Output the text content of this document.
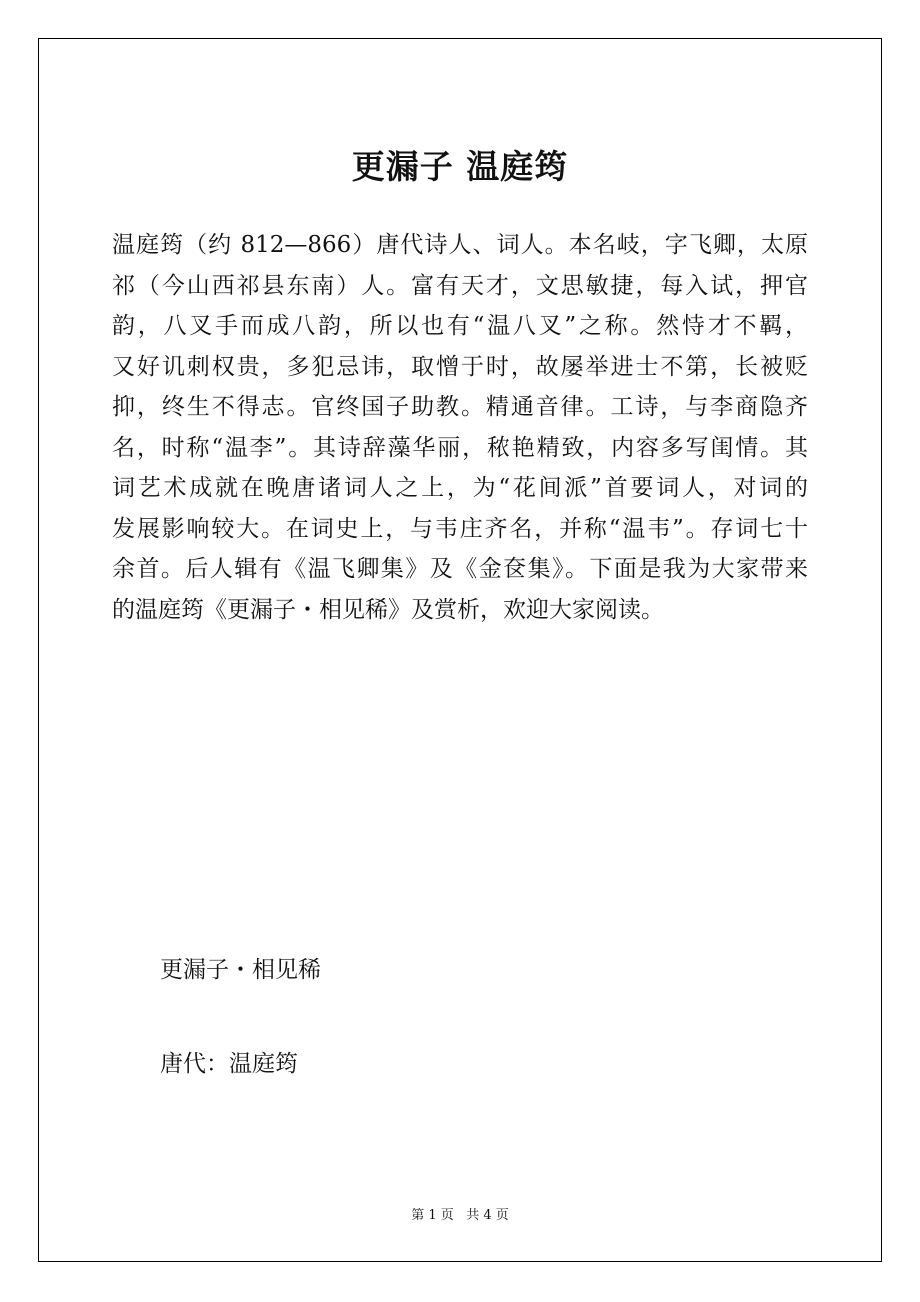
更漏子 温庭筠
温庭筠（约 812—866）唐代诗人、词人。本名岐，字飞卿，太原
祁（今山西祁县东南）人。富有天才，文思敏捷，每入试，押官
韵，八叉手而成八韵，所以也有“温八叉”之称。然恃才不羁，
又好讥刺权贵，多犯忌讳，取憎于时，故屡举进士不第，长被贬
抑，终生不得志。官终国子助教。精通音律。工诗，与李商隐齐
名，时称“温李”。其诗辞藻华丽，秾艳精致，内容多写闺情。其
词艺术成就在晚唐诸词人之上，为“花间派”首要词人，对词的
发展影响较大。在词史上，与韦庄齐名，并称“温韦”。存词七十
余首。后人辑有《温飞卿集》及《金奁集》。下面是我为大家带来
的温庭筠《更漏子・相见稀》及赏析，欢迎大家阅读。
更漏子・相见稀
唐代：温庭筠
第 1 页   共 4 页
